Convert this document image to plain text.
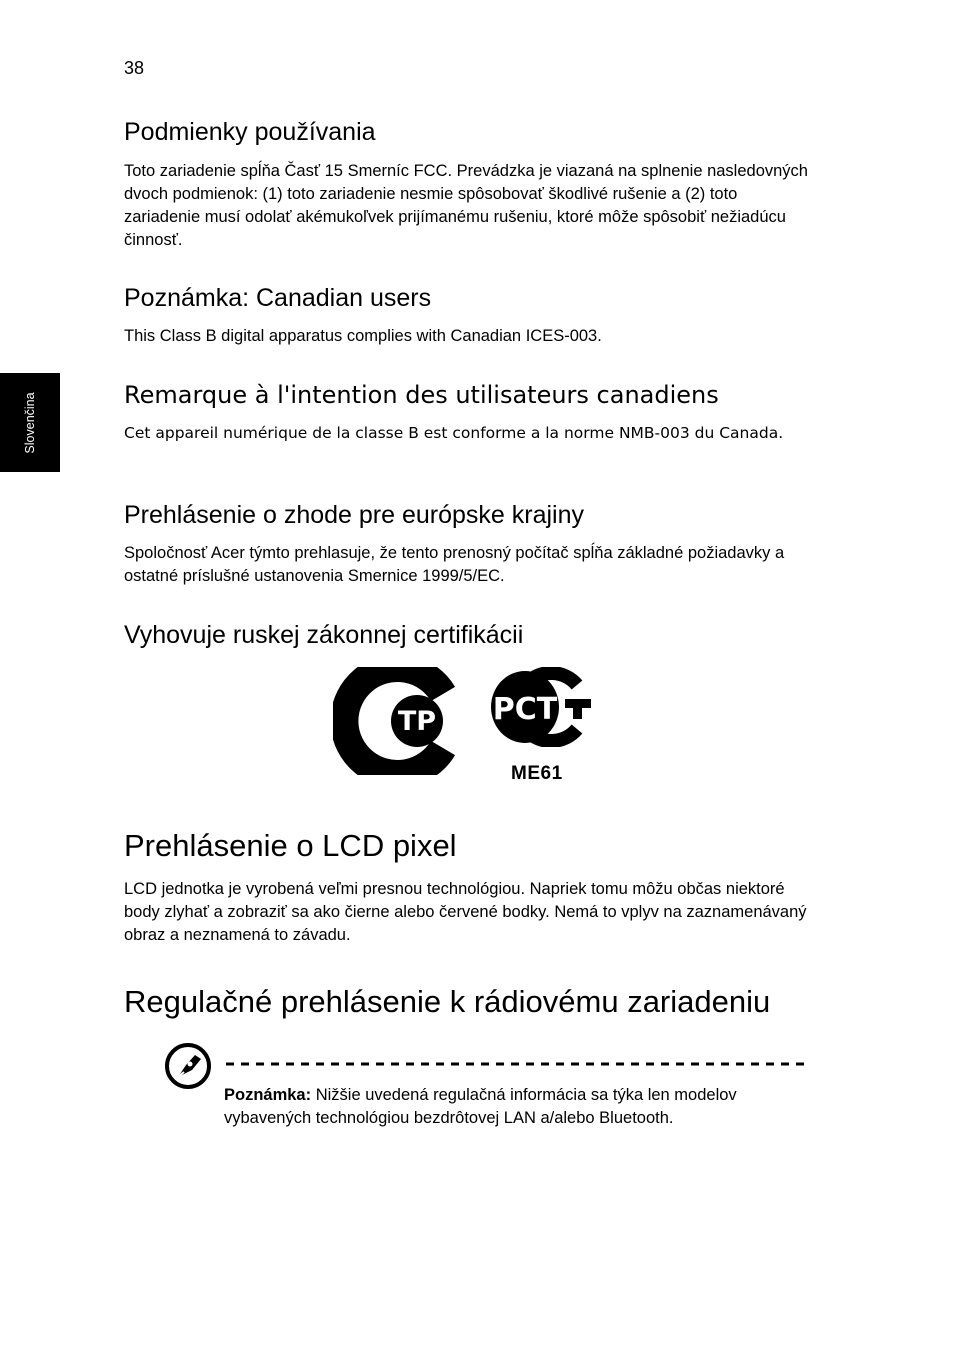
38
Slovenčina
Podmienky používania

Toto zariadenie spĺňa Časť 15 Smerníc FCC. Prevádzka je viazaná na splnenie nasledovných dvoch podmienok: (1) toto zariadenie nesmie spôsobovať škodlivé rušenie a (2) toto zariadenie musí odolať akémukoľvek prijímanému rušeniu, ktoré môže spôsobiť nežiadúcu činnosť.

Poznámka: Canadian users

This Class B digital apparatus complies with Canadian ICES-003.

Remarque à l'intention des utilisateurs canadiens

Cet appareil numérique de la classe B est conforme a la norme NMB-003 du Canada.

Prehlásenie o zhode pre európske krajiny

Spoločnosť Acer týmto prehlasuje, že tento prenosný počítač spĺňa základné požiadavky a ostatné príslušné ustanovenia Smernice 1999/5/EC.

Vyhovuje ruskej zákonnej certifikácii
TP PCT
ME61
Prehlásenie o LCD pixel

LCD jednotka je vyrobená veľmi presnou technológiou. Napriek tomu môžu občas niektoré body zlyhať a zobraziť sa ako čierne alebo červené bodky. Nemá to vplyv na zaznamenávaný obraz a neznamená to závadu.

Regulačné prehlásenie k rádiovému zariadeniu

Poznámka: Nižšie uvedená regulačná informácia sa týka len modelov vybavených technológiou bezdrôtovej LAN a/alebo Bluetooth.
